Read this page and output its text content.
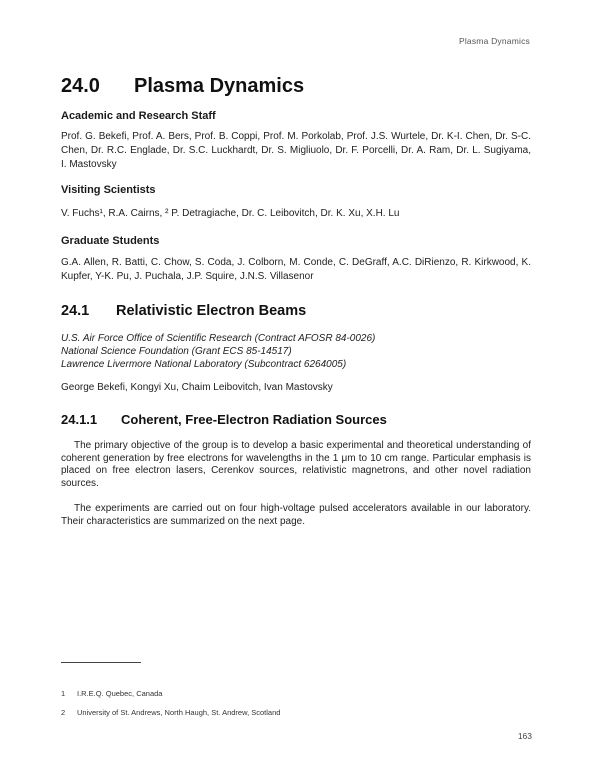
Plasma Dynamics
24.0 Plasma Dynamics
Academic and Research Staff
Prof. G. Bekefi, Prof. A. Bers, Prof. B. Coppi, Prof. M. Porkolab, Prof. J.S. Wurtele, Dr. K-I. Chen, Dr. S-C. Chen, Dr. R.C. Englade, Dr. S.C. Luckhardt, Dr. S. Migliuolo, Dr. F. Porcelli, Dr. A. Ram, Dr. L. Sugiyama, I. Mastovsky
Visiting Scientists
V. Fuchs¹, R.A. Cairns, ² P. Detragiache, Dr. C. Leibovitch, Dr. K. Xu, X.H. Lu
Graduate Students
G.A. Allen, R. Batti, C. Chow, S. Coda, J. Colborn, M. Conde, C. DeGraff, A.C. DiRienzo, R. Kirkwood, K. Kupfer, Y-K. Pu, J. Puchala, J.P. Squire, J.N.S. Villasenor
24.1 Relativistic Electron Beams
U.S. Air Force Office of Scientific Research (Contract AFOSR 84-0026)
National Science Foundation (Grant ECS 85-14517)
Lawrence Livermore National Laboratory (Subcontract 6264005)
George Bekefi, Kongyi Xu, Chaim Leibovitch, Ivan Mastovsky
24.1.1 Coherent, Free-Electron Radiation Sources
The primary objective of the group is to develop a basic experimental and theoretical understanding of coherent generation by free electrons for wavelengths in the 1 μm to 10 cm range. Particular emphasis is placed on free electron lasers, Cerenkov sources, relativistic magnetrons, and other novel radiation sources.
The experiments are carried out on four high-voltage pulsed accelerators available in our laboratory. Their characteristics are summarized on the next page.
1 I.R.E.Q. Quebec, Canada
2 University of St. Andrews, North Haugh, St. Andrew, Scotland
163
